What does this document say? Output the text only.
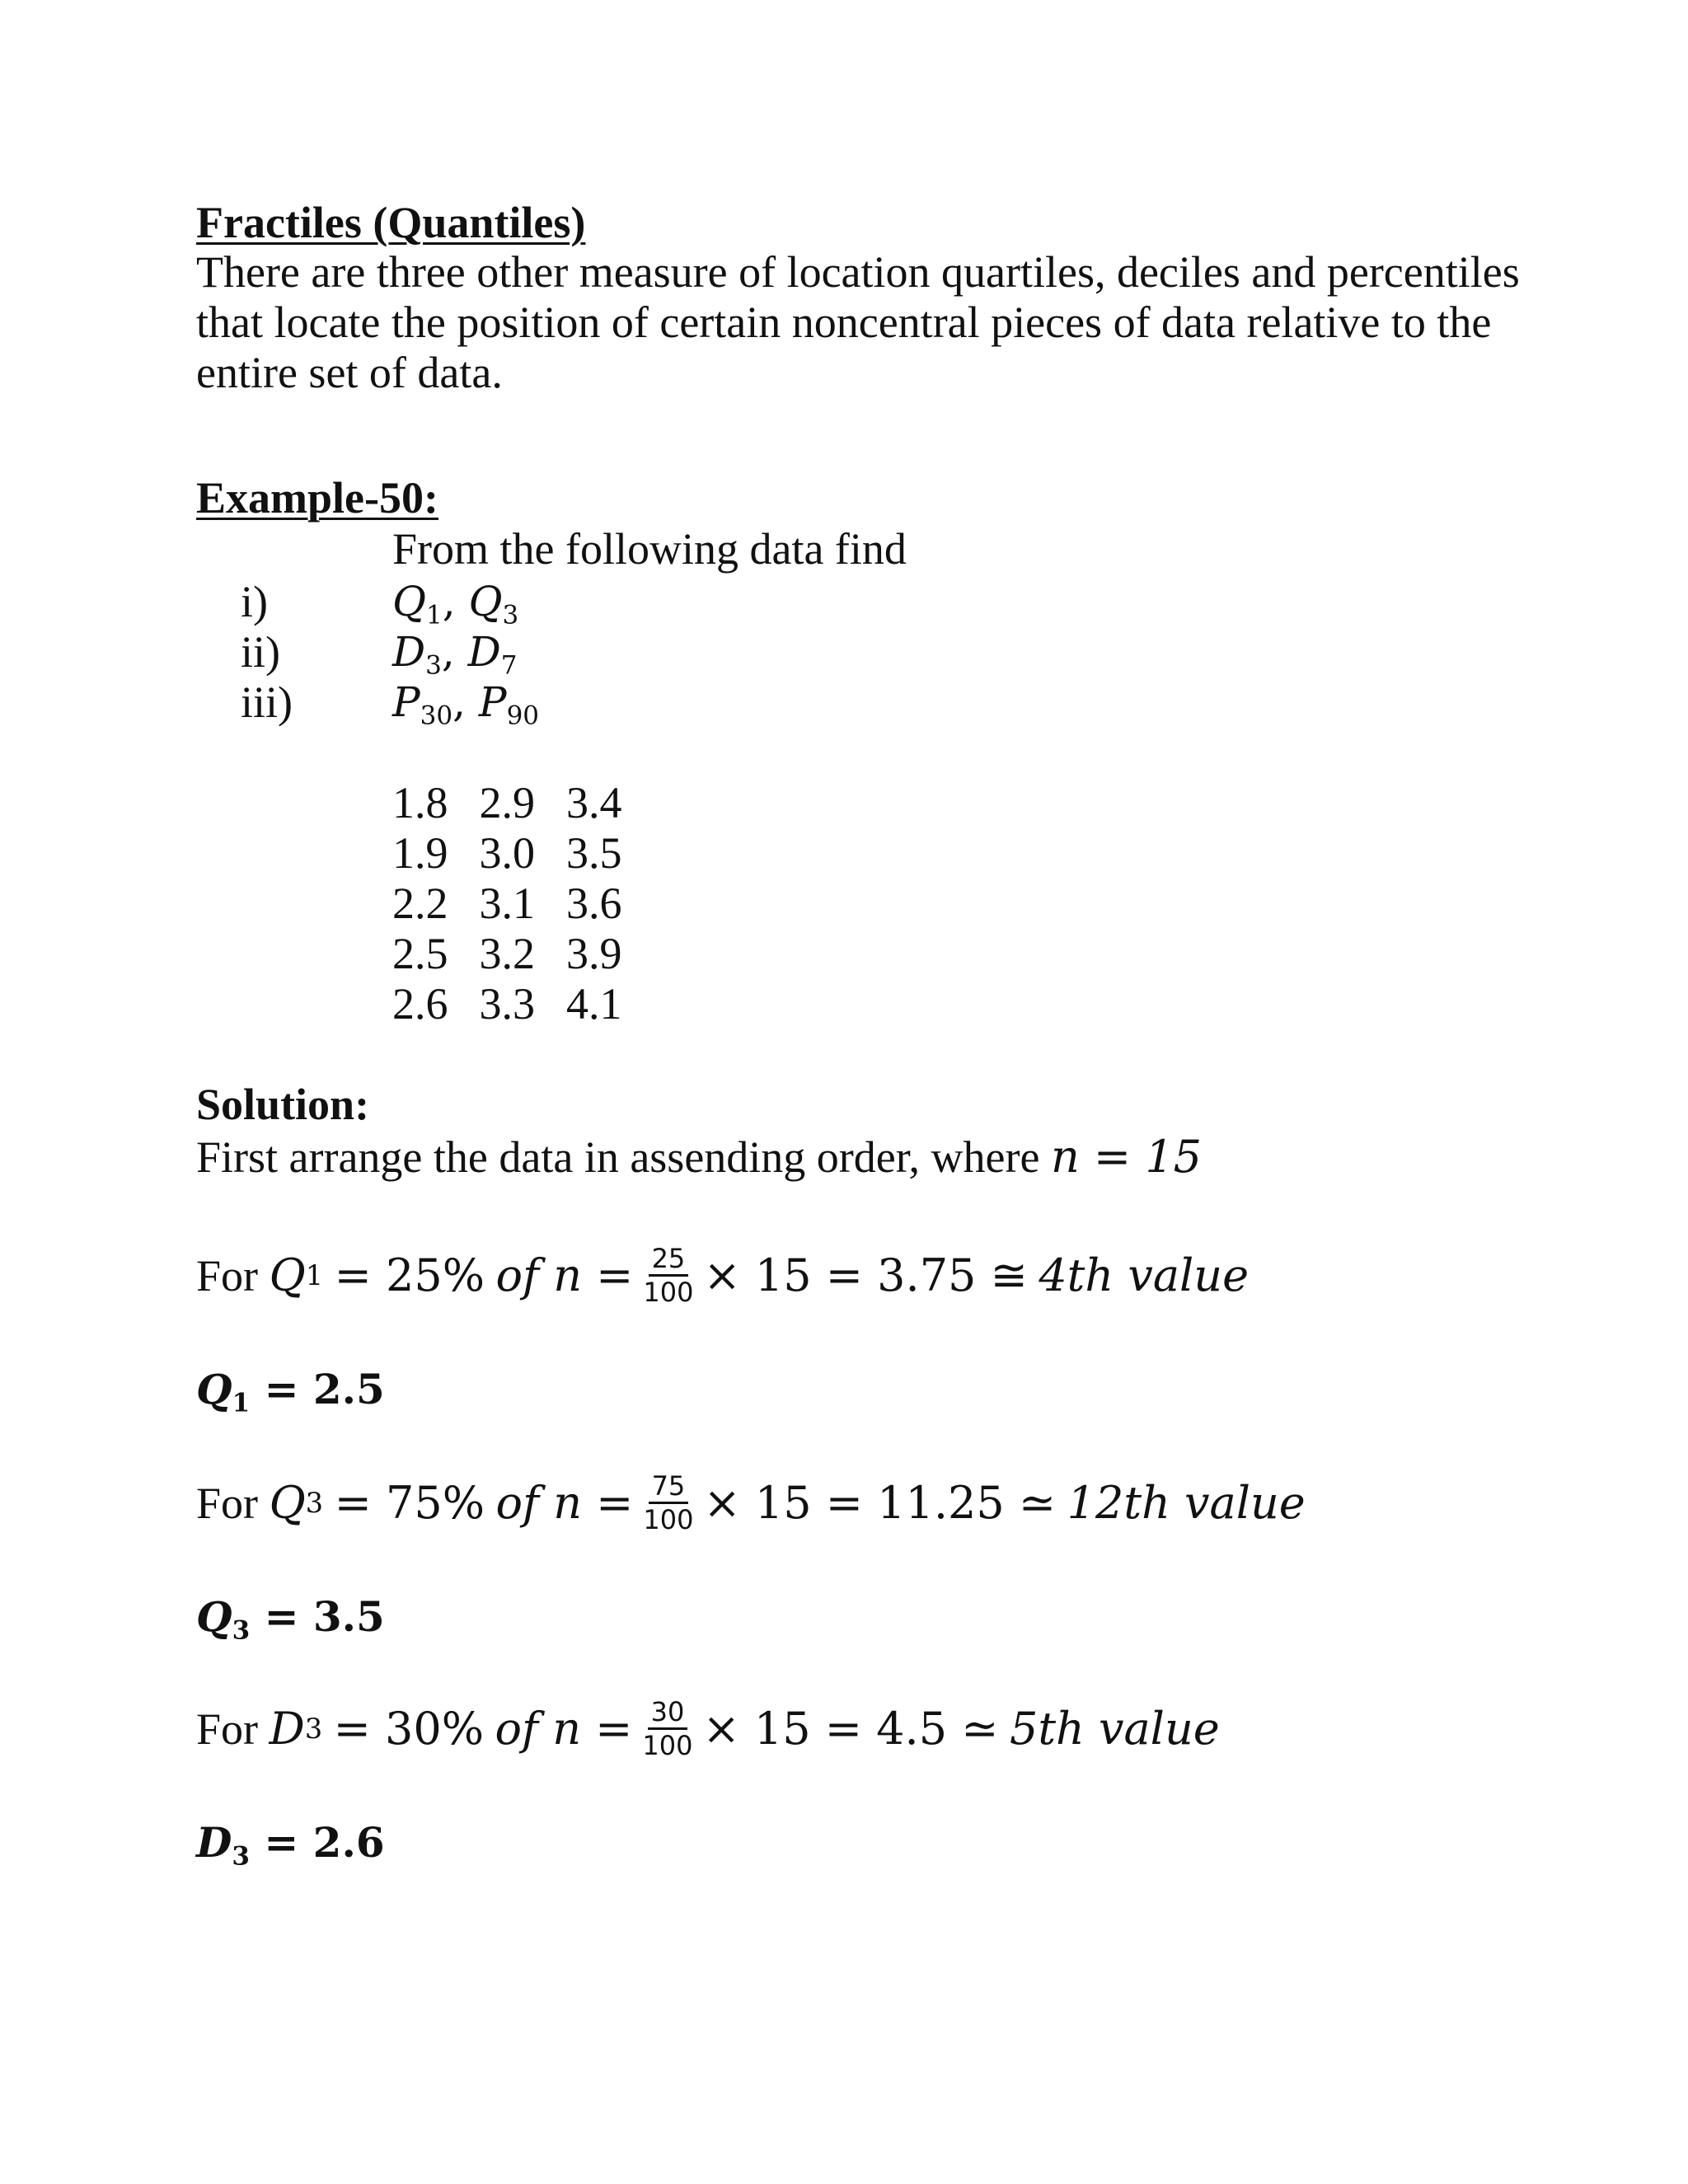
Fractiles (Quantiles)
There are three other measure of location quartiles, deciles and percentiles that locate the position of certain noncentral pieces of data relative to the entire set of data.
Example-50:
From the following data find
i)	$Q_1$, $Q_3$
ii)	$D_3$, $D_7$
iii)	$P_{30}$, $P_{90}$
1.8	2.9	3.4
1.9	3.0	3.5
2.2	3.1	3.6
2.5	3.2	3.9
2.6	3.3	4.1
Solution:
First arrange the data in assending order, where n = 15
For
Q 1
= 25%
of $n = \frac{25}{100} \times 15 = 3.75$ ≅
4th value
$Q_1 = 2.5$
For
Q 3
= 75%
of $n = \frac{75}{100} \times 15 = 11.25$ ≃
12th value
$Q_3 = 3.5$
For
D 3
= 30%
of $n = \frac{30}{100} \times 15 = 4.5$ ≃
5th value
$D_3 = 2.6$
